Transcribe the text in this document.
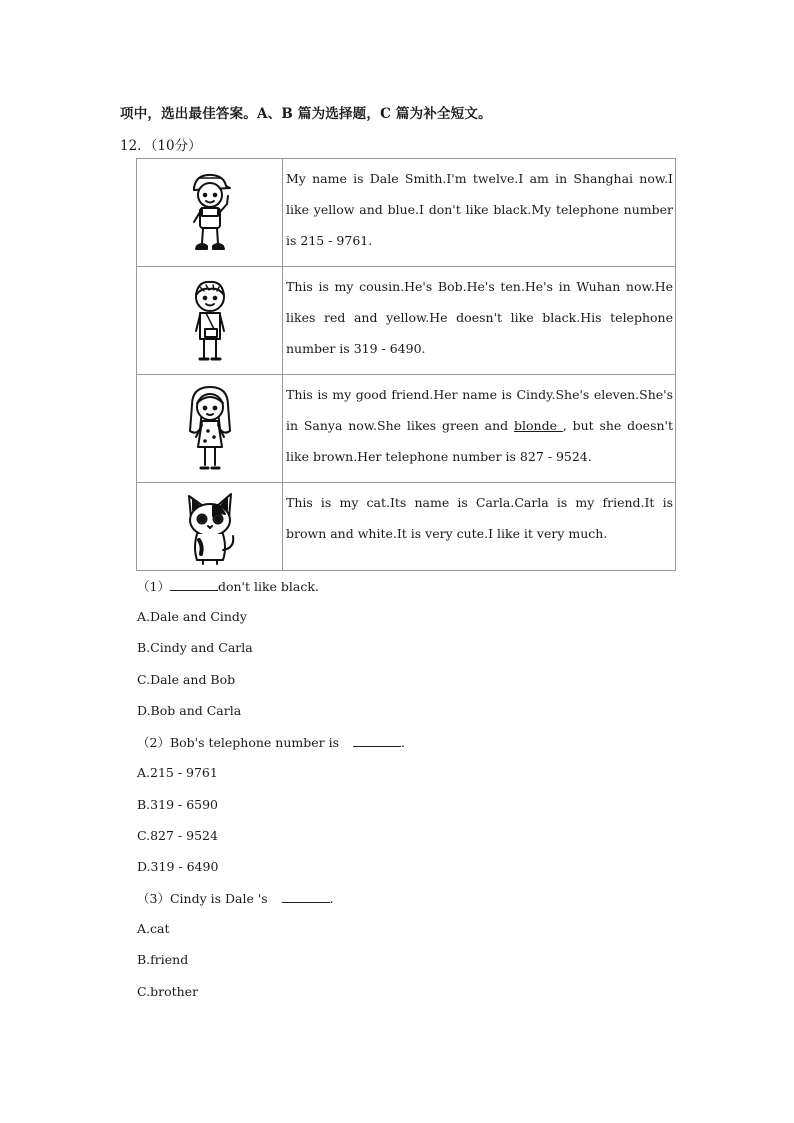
项中，选出最佳答案。A、B 篇为选择题，C 篇为补全短文。
12．（10分）
	My name is Dale Smith.I'm twelve.I am in Shanghai now.I like yellow and blue.I don't like black.My telephone number is 215 - 9761.

	This is my cousin.He's Bob.He's ten.He's in Wuhan now.He likes red and yellow.He doesn't like black.His telephone number is 319 - 6490.

	This is my good friend.Her name is Cindy.She's eleven.She's in Sanya now.She likes green and blonde , but she doesn't like brown.Her telephone number is 827 - 9524.

	This is my cat.Its name is Carla.Carla is my friend.It is brown and white.It is very cute.I like it very much.
（1）	don't like black.
A.Dale and Cindy
B.Cindy and Carla
C.Dale and Bob
D.Bob and Carla
（2）Bob's telephone number is	.
A.215 - 9761
B.319 - 6590
C.827 - 9524
D.319 - 6490
（3）Cindy is Dale 's	.
A.cat
B.friend
C.brother
